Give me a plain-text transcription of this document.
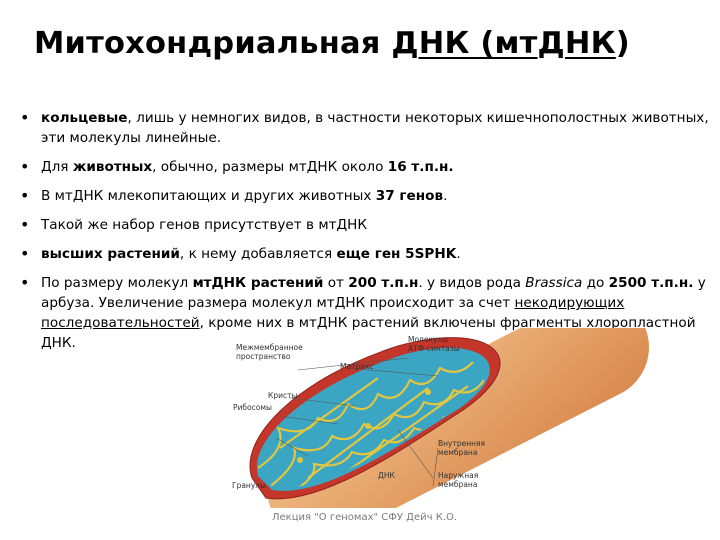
Митохондриальная ДНК (мтДНК)
• кольцевые, лишь у немногих видов, в частности некоторых кишечнополостных животных, эти молекулы линейные.
• Для животных, обычно, размеры мтДНК около 16 т.п.н.
• В мтДНК млекопитающих и других животных 37 генов.
• Такой же набор генов присутствует в мтДНК
• высших растений, к нему добавляется еще ген 5SPHK.
• По размеру молекул мтДНК растений от 200 т.п.н. у видов рода Brassica до 2500 т.п.н. у арбуза. Увеличение размера молекул мтДНК происходит за счет некодирующих последовательностей, кроме них в мтДНК растений включены фрагменты хлоропластной ДНК.	Межмембранное
пространство
Молекулы
АТФ-синтазы
Матрикс
Кристы
Рибосомы
Внутренняя
мембрана
ДНК	Наружная
мембрана
Гранулы
Лекция "О геномах" СФУ Дейч К.О.
